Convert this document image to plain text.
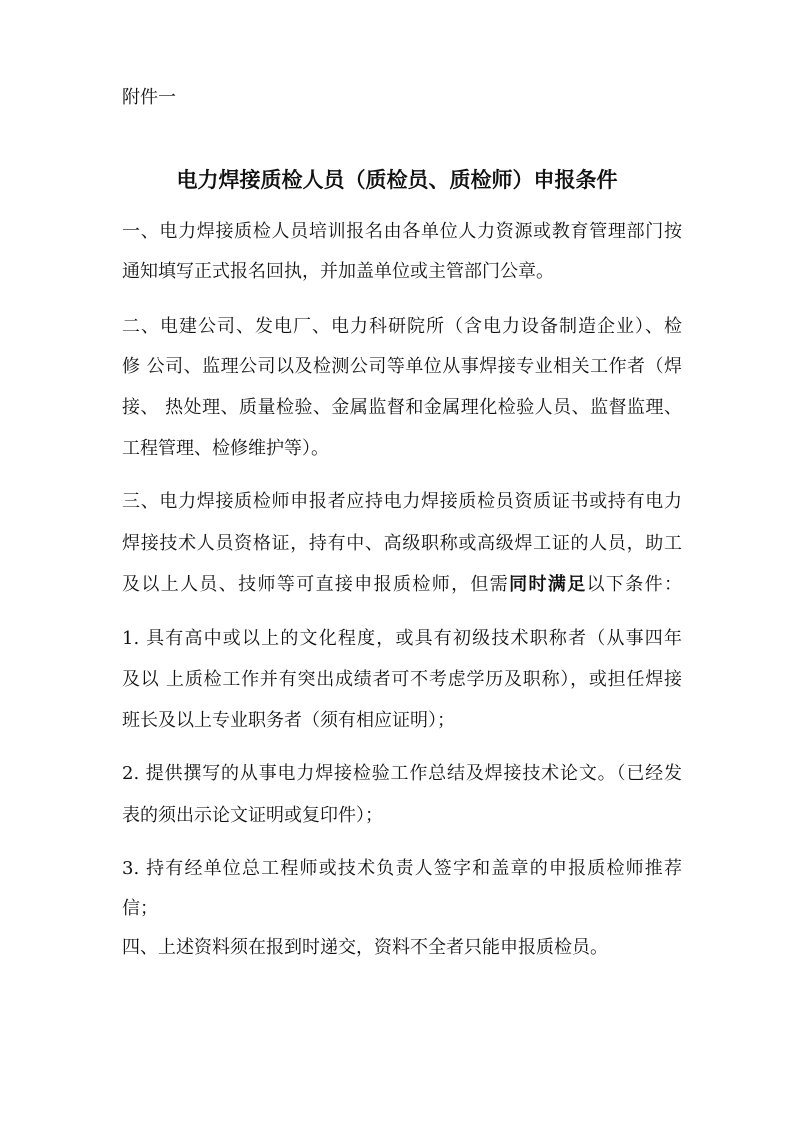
附件一
电力焊接质检人员（质检员、质检师）申报条件
一、电力焊接质检人员培训报名由各单位人力资源或教育管理部门按
通知填写正式报名回执，并加盖单位或主管部门公章。
二、电建公司、发电厂、电力科研院所（含电力设备制造企业）、检
修 公司、监理公司以及检测公司等单位从事焊接专业相关工作者（焊
接、 热处理、质量检验、金属监督和金属理化检验人员、监督监理、
工程管理、检修维护等）。
三、电力焊接质检师申报者应持电力焊接质检员资质证书或持有电力
焊接技术人员资格证，持有中、高级职称或高级焊工证的人员，助工
及以上人员、技师等可直接申报质检师，但需同时满足以下条件：
1. 具有高中或以上的文化程度，或具有初级技术职称者（从事四年
及以 上质检工作并有突出成绩者可不考虑学历及职称），或担任焊接
班长及以上专业职务者（须有相应证明）；
2. 提供撰写的从事电力焊接检验工作总结及焊接技术论文。（已经发
表的须出示论文证明或复印件）；
3. 持有经单位总工程师或技术负责人签字和盖章的申报质检师推荐
信；
四、上述资料须在报到时递交，资料不全者只能申报质检员。
